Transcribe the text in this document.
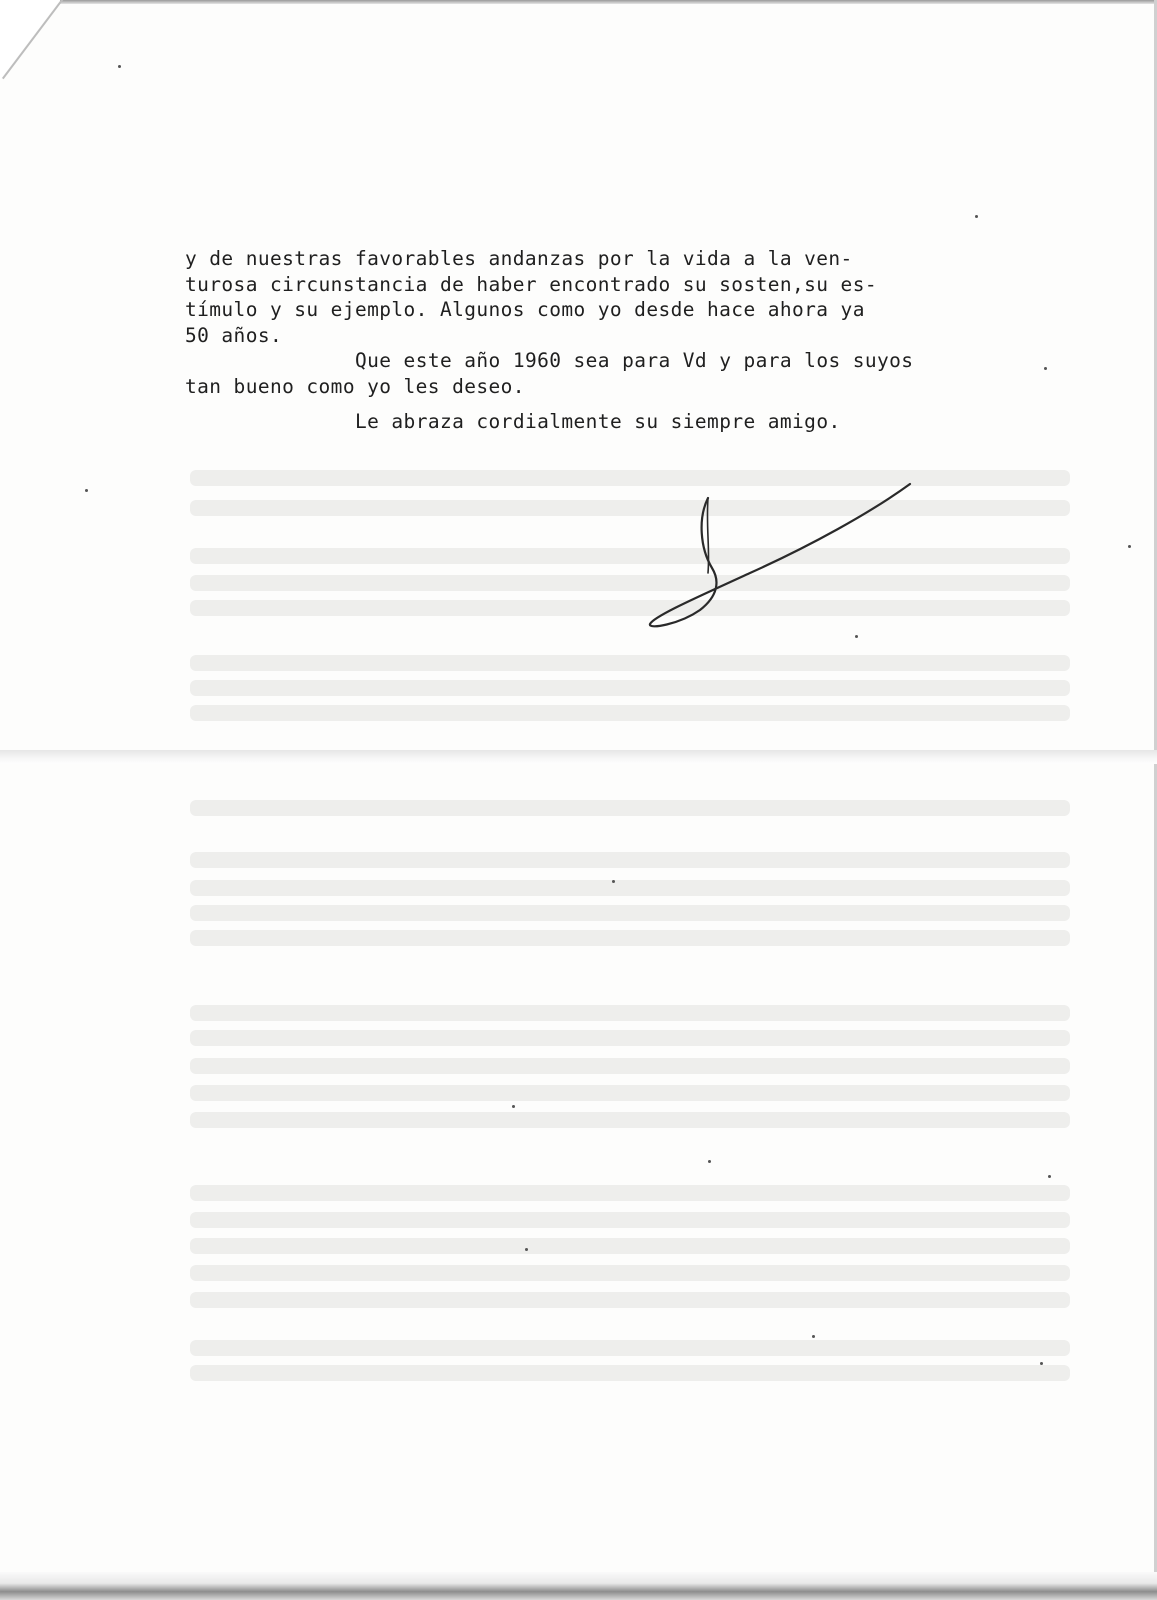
y de nuestras favorables andanzas por la vida a la ven-
turosa circunstancia de haber encontrado su sosten,su es-
tímulo y su ejemplo. Algunos como yo desde hace ahora ya
50 años.
Que este año 1960 sea para Vd y para los suyos
tan bueno como yo les deseo.
Le abraza cordialmente su siempre amigo.
